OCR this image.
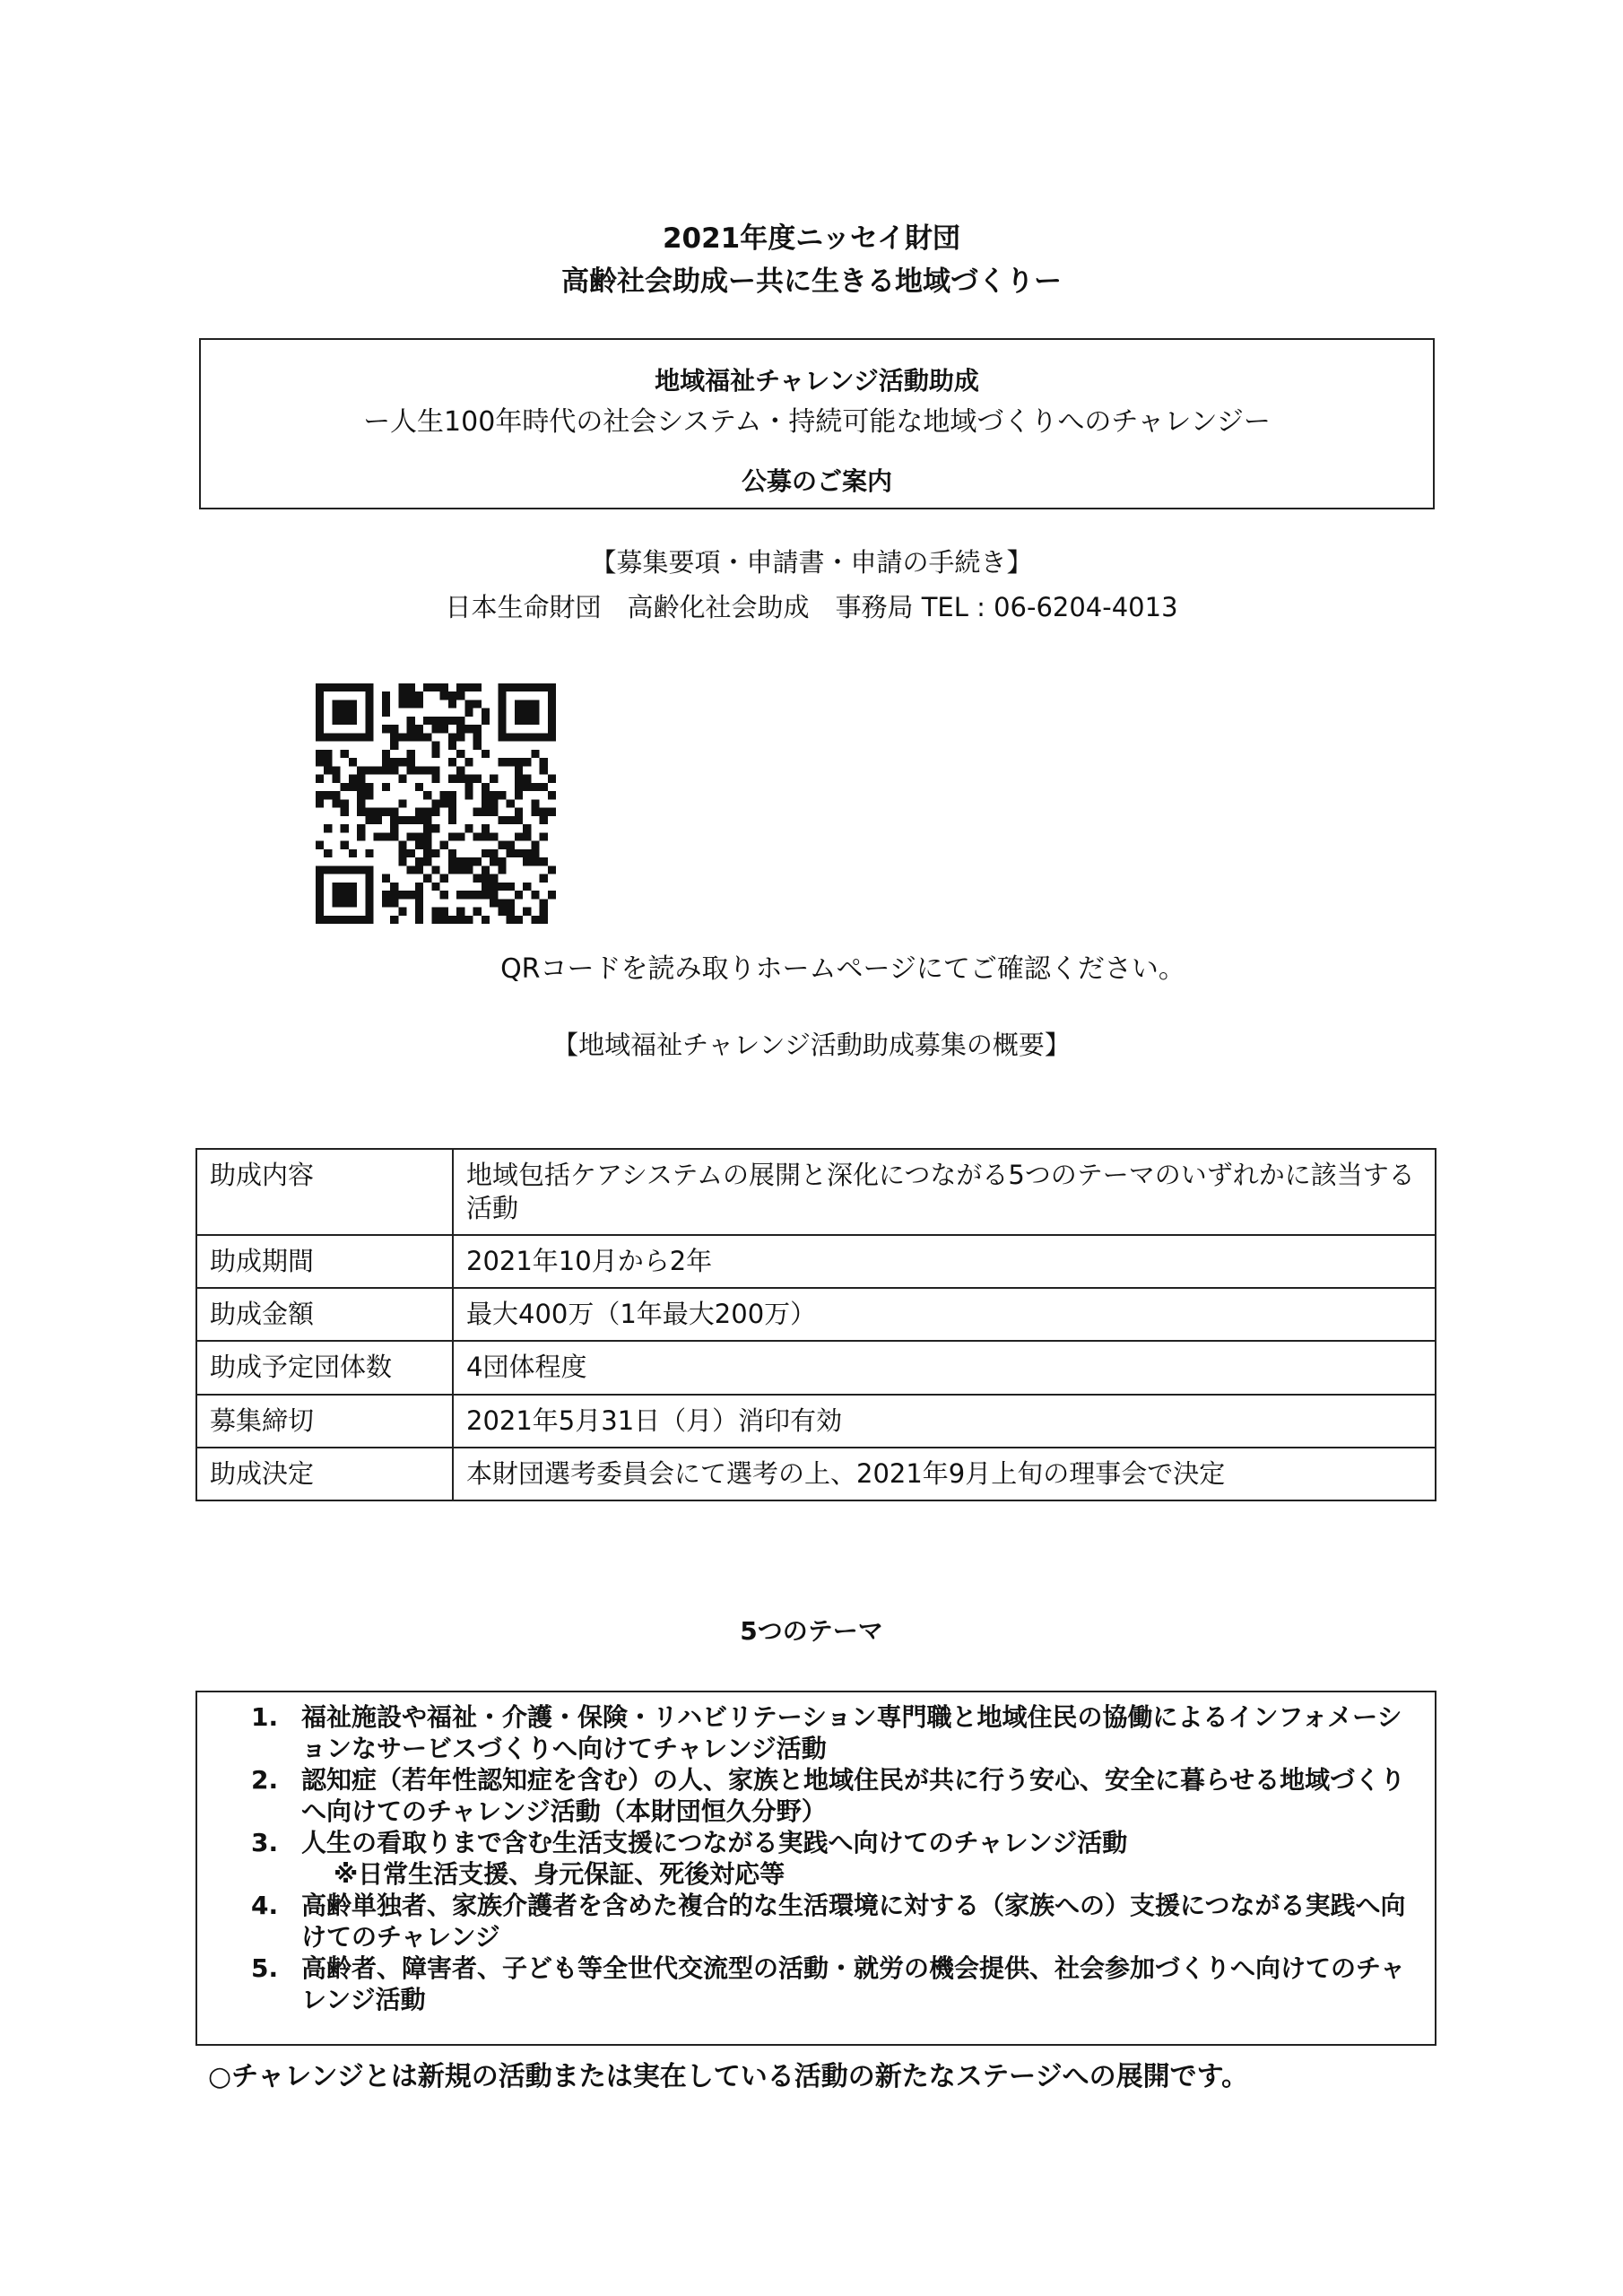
2021年度ニッセイ財団
高齢社会助成ー共に生きる地域づくりー
地域福祉チャレンジ活動助成
ー人生100年時代の社会システム・持続可能な地域づくりへのチャレンジー
公募のご案内
【募集要項・申請書・申請の手続き】
日本生命財団　高齢化社会助成　事務局 TEL : 06-6204-4013
QRコードを読み取りホームページにてご確認ください。
【地域福祉チャレンジ活動助成募集の概要】
助成内容	地域包括ケアシステムの展開と深化につながる5つのテーマのいずれかに該当する活動
助成期間	2021年10月から2年
助成金額	最大400万（1年最大200万）
助成予定団体数	4団体程度
募集締切	2021年5月31日（月）消印有効
助成決定	本財団選考委員会にて選考の上、2021年9月上旬の理事会で決定
5つのテーマ
1. 福祉施設や福祉・介護・保険・リハビリテーション専門職と地域住民の協働によるインフォメーションなサービスづくりへ向けてチャレンジ活動
2. 認知症（若年性認知症を含む）の人、家族と地域住民が共に行う安心、安全に暮らせる地域づくりへ向けてのチャレンジ活動（本財団恒久分野）
3. 人生の看取りまで含む生活支援につながる実践へ向けてのチャレンジ活動
※日常生活支援、身元保証、死後対応等
4. 高齢単独者、家族介護者を含めた複合的な生活環境に対する（家族への）支援につながる実践へ向けてのチャレンジ
5. 高齢者、障害者、子ども等全世代交流型の活動・就労の機会提供、社会参加づくりへ向けてのチャレンジ活動
○チャレンジとは新規の活動または実在している活動の新たなステージへの展開です。
